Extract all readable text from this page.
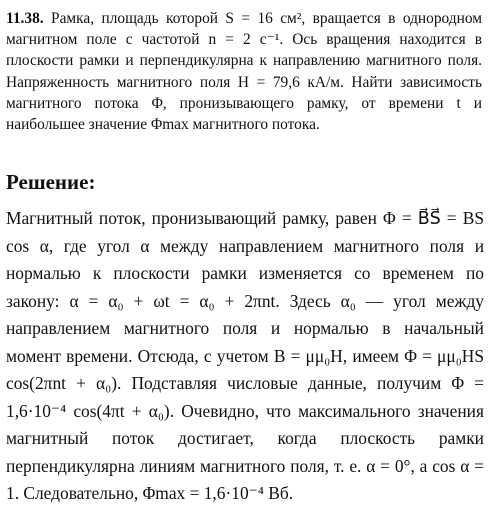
11.38. Рамка, площадь которой S = 16 см², вращается в однородном магнитном поле с частотой n = 2 с⁻¹. Ось вращения находится в плоскости рамки и перпендикулярна к направлению магнитного поля. Напряженность магнитного поля H = 79,6 кА/м. Найти зависимость магнитного потока Φ, пронизывающего рамку, от времени t и наибольшее значение Φmax магнитного потока.
Решение:
Магнитный поток, пронизывающий рамку, равен Φ = B⃗S⃗ = BS cos α, где угол α между направлением магнитного поля и нормалью к плоскости рамки изменяется со временем по закону: α = α₀ + ωt = α₀ + 2πnt. Здесь α₀ — угол между направлением магнитного поля и нормалью в начальный момент времени. Отсюда, с учетом B = μμ₀H, имеем Φ = μμ₀HS cos(2πnt + α₀). Подставляя числовые данные, получим Φ = 1,6·10⁻⁴ cos(4πt + α₀). Очевидно, что максимального значения магнитный поток достигает, когда плоскость рамки перпендикулярна линиям магнитного поля, т. е. α = 0°, а cos α = 1. Следовательно, Φmax = 1,6·10⁻⁴ Вб.
